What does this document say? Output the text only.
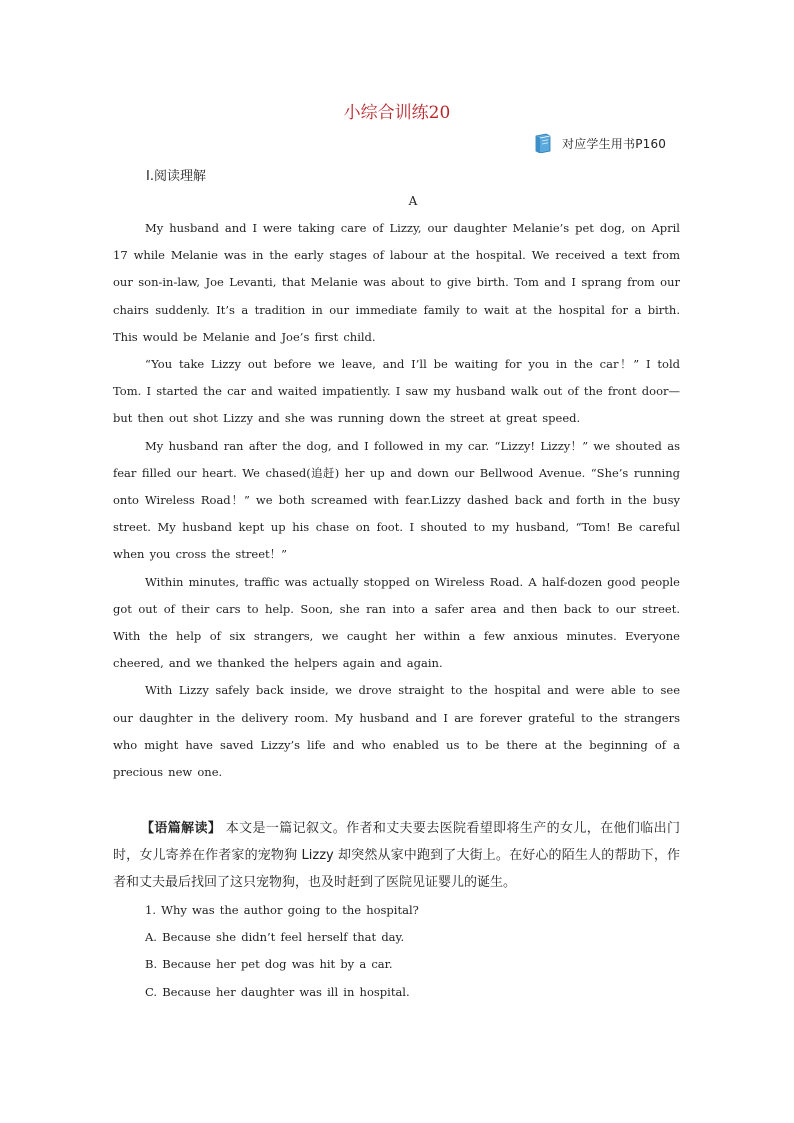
小综合训练20
对应学生用书P160
Ⅰ.阅读理解
A

My husband and I were taking care of Lizzy, our daughter Melanie’s pet dog, on April 17 while Melanie was in the early stages of labour at the hospital. We received a text from our son-in-law, Joe Levanti, that Melanie was about to give birth. Tom and I sprang from our chairs suddenly. It’s a tradition in our immediate family to wait at the hospital for a birth. This would be Melanie and Joe’s first child.

“You take Lizzy out before we leave, and I’ll be waiting for you in the car！” I told Tom. I started the car and waited impatiently. I saw my husband walk out of the front door—but then out shot Lizzy and she was running down the street at great speed.

My husband ran after the dog, and I followed in my car. “Lizzy! Lizzy！” we shouted as fear filled our heart. We chased(追赶) her up and down our Bellwood Avenue. “She’s running onto Wireless Road！” we both screamed with fear.Lizzy dashed back and forth in the busy street. My husband kept up his chase on foot. I shouted to my husband, “Tom! Be careful when you cross the street！”

Within minutes, traffic was actually stopped on Wireless Road. A half-dozen good people got out of their cars to help. Soon, she ran into a safer area and then back to our street. With the help of six strangers, we caught her within a few anxious minutes. Everyone cheered, and we thanked the helpers again and again.

With Lizzy safely back inside, we drove straight to the hospital and were able to see our daughter in the delivery room. My husband and I are forever grateful to the strangers who might have saved Lizzy’s life and who enabled us to be there at the beginning of a precious new one.

【语篇解读】 本文是一篇记叙文。作者和丈夫要去医院看望即将生产的女儿，在他们临出门时，女儿寄养在作者家的宠物狗 Lizzy 却突然从家中跑到了大街上。在好心的陌生人的帮助下，作者和丈夫最后找回了这只宠物狗，也及时赶到了医院见证婴儿的诞生。

1. Why was the author going to the hospital?
A. Because she didn’t feel herself that day.
B. Because her pet dog was hit by a car.
C. Because her daughter was ill in hospital.
